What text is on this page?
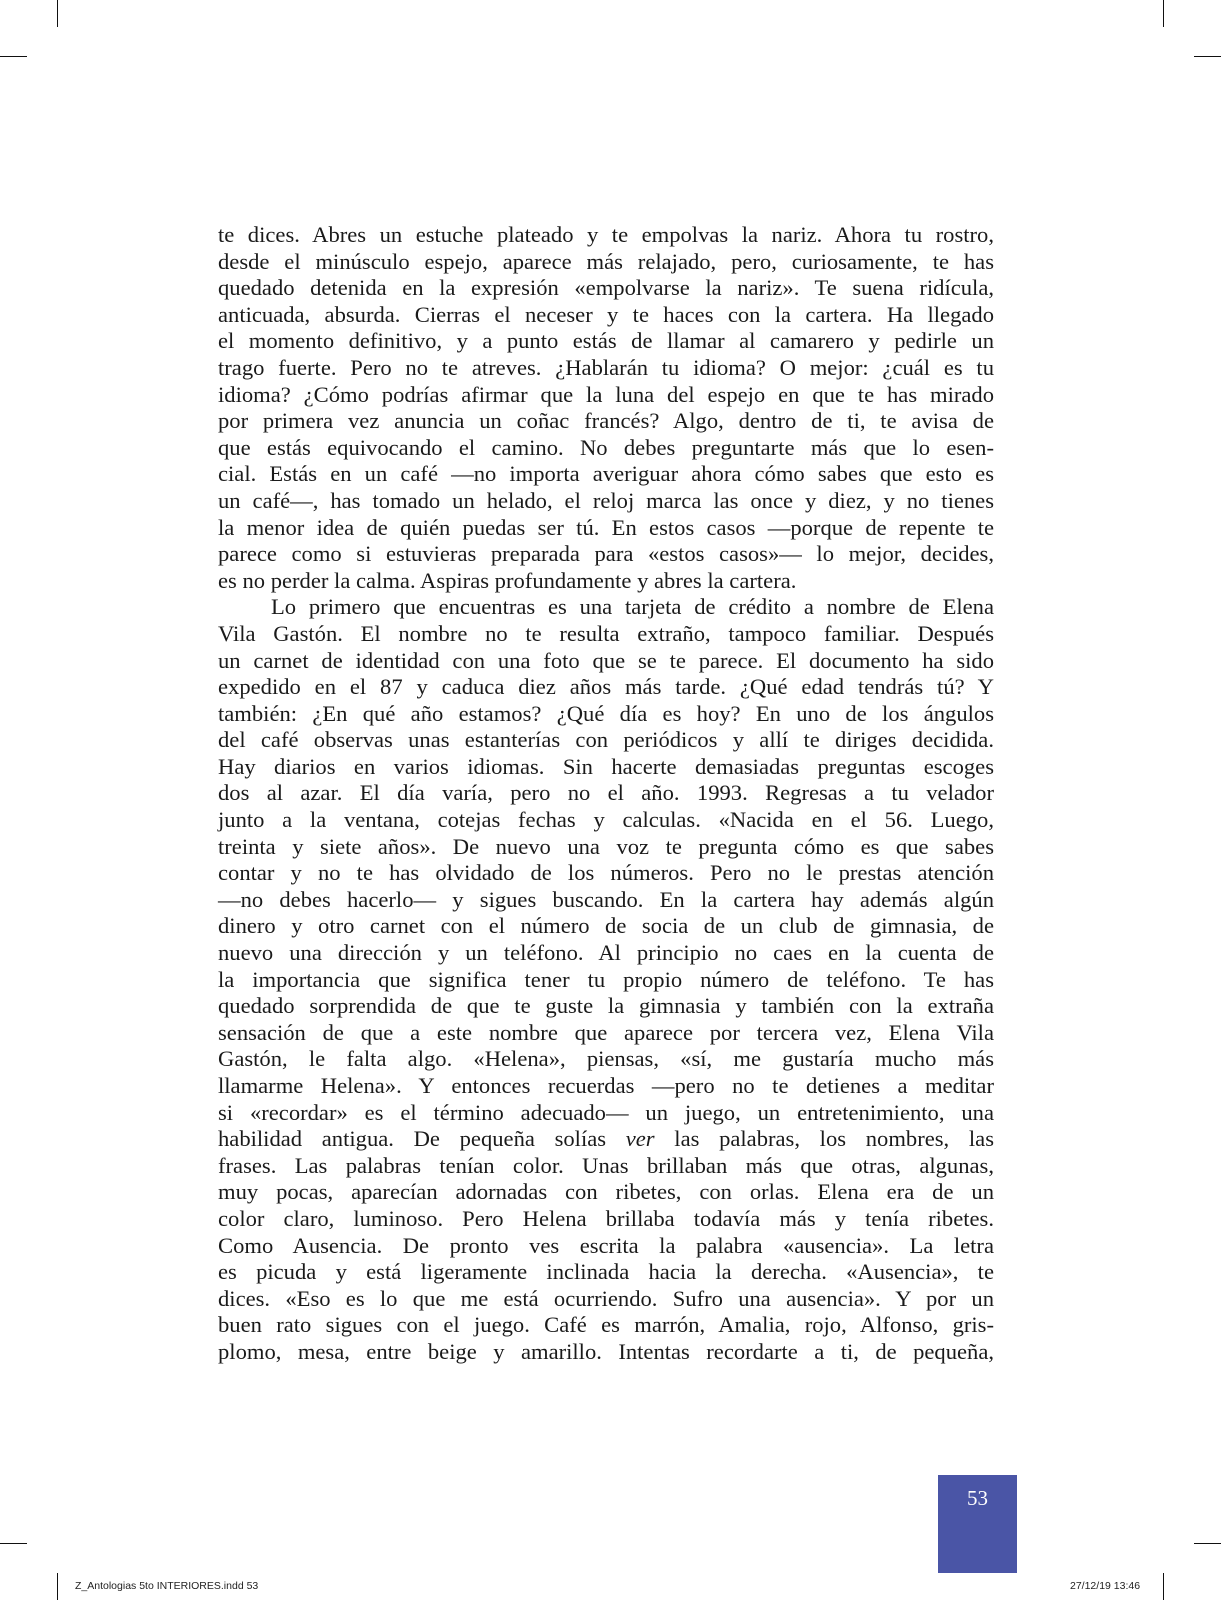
te dices. Abres un estuche plateado y te empolvas la nariz. Ahora tu rostro,
desde el minúsculo espejo, aparece más relajado, pero, curiosamente, te has
quedado detenida en la expresión «empolvarse la nariz». Te suena ridícula,
anticuada, absurda. Cierras el neceser y te haces con la cartera. Ha llegado
el momento definitivo, y a punto estás de llamar al camarero y pedirle un
trago fuerte. Pero no te atreves. ¿Hablarán tu idioma? O mejor: ¿cuál es tu
idioma? ¿Cómo podrías afirmar que la luna del espejo en que te has mirado
por primera vez anuncia un coñac francés? Algo, dentro de ti, te avisa de
que estás equivocando el camino. No debes preguntarte más que lo esen-
cial. Estás en un café —no importa averiguar ahora cómo sabes que esto es
un café—, has tomado un helado, el reloj marca las once y diez, y no tienes
la menor idea de quién puedas ser tú. En estos casos —porque de repente te
parece como si estuvieras preparada para «estos casos»— lo mejor, decides,
es no perder la calma. Aspiras profundamente y abres la cartera.

Lo primero que encuentras es una tarjeta de crédito a nombre de Elena
Vila Gastón. El nombre no te resulta extraño, tampoco familiar. Después
un carnet de identidad con una foto que se te parece. El documento ha sido
expedido en el 87 y caduca diez años más tarde. ¿Qué edad tendrás tú? Y
también: ¿En qué año estamos? ¿Qué día es hoy? En uno de los ángulos
del café observas unas estanterías con periódicos y allí te diriges decidida.
Hay diarios en varios idiomas. Sin hacerte demasiadas preguntas escoges
dos al azar. El día varía, pero no el año. 1993. Regresas a tu velador
junto a la ventana, cotejas fechas y calculas. «Nacida en el 56. Luego,
treinta y siete años». De nuevo una voz te pregunta cómo es que sabes
contar y no te has olvidado de los números. Pero no le prestas atención
—no debes hacerlo— y sigues buscando. En la cartera hay además algún
dinero y otro carnet con el número de socia de un club de gimnasia, de
nuevo una dirección y un teléfono. Al principio no caes en la cuenta de
la importancia que significa tener tu propio número de teléfono. Te has
quedado sorprendida de que te guste la gimnasia y también con la extraña
sensación de que a este nombre que aparece por tercera vez, Elena Vila
Gastón, le falta algo. «Helena», piensas, «sí, me gustaría mucho más
llamarme Helena». Y entonces recuerdas —pero no te detienes a meditar
si «recordar» es el término adecuado— un juego, un entretenimiento, una
habilidad antigua. De pequeña solías ver las palabras, los nombres, las
frases. Las palabras tenían color. Unas brillaban más que otras, algunas,
muy pocas, aparecían adornadas con ribetes, con orlas. Elena era de un
color claro, luminoso. Pero Helena brillaba todavía más y tenía ribetes.
Como Ausencia. De pronto ves escrita la palabra «ausencia». La letra
es picuda y está ligeramente inclinada hacia la derecha. «Ausencia», te
dices. «Eso es lo que me está ocurriendo. Sufro una ausencia». Y por un
buen rato sigues con el juego. Café es marrón, Amalia, rojo, Alfonso, gris-
plomo, mesa, entre beige y amarillo. Intentas recordarte a ti, de pequeña,

53
Z_Antologias 5to INTERIORES.indd 53	27/12/19 13:46
